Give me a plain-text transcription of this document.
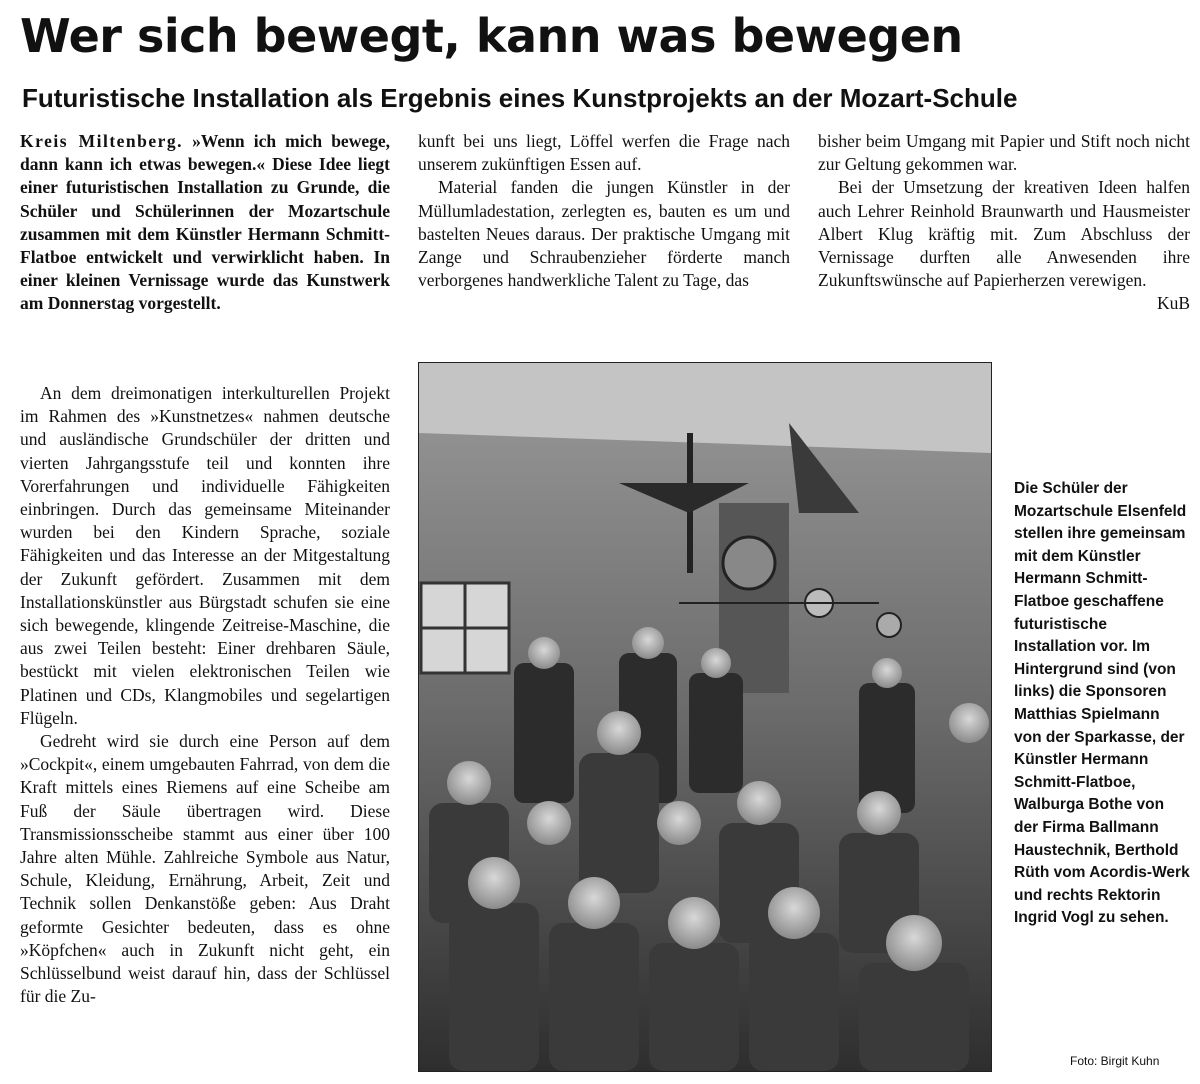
Wer sich bewegt, kann was bewegen
Futuristische Installation als Ergebnis eines Kunstprojekts an der Mozart-Schule

Kreis Miltenberg. »Wenn ich mich bewege, dann kann ich etwas bewegen.« Diese Idee liegt einer futuristischen Installation zu Grunde, die Schüler und Schülerinnen der Mozartschule zusammen mit dem Künstler Hermann Schmitt-Flatboe entwickelt und verwirklicht haben. In einer kleinen Vernissage wurde das Kunstwerk am Donnerstag vorgestellt.

An dem dreimonatigen interkulturellen Projekt im Rahmen des »Kunstnetzes« nahmen deutsche und ausländische Grundschüler der dritten und vierten Jahrgangsstufe teil und konnten ihre Vorerfahrungen und individuelle Fähigkeiten einbringen. Durch das gemeinsame Miteinander wurden bei den Kindern Sprache, soziale Fähigkeiten und das Interesse an der Mitgestaltung der Zukunft gefördert. Zusammen mit dem Installationskünstler aus Bürgstadt schufen sie eine sich bewegende, klingende Zeitreise-Maschine, die aus zwei Teilen besteht: Einer drehbaren Säule, bestückt mit vielen elektronischen Teilen wie Platinen und CDs, Klangmobiles und segelartigen Flügeln.

Gedreht wird sie durch eine Person auf dem »Cockpit«, einem umgebauten Fahrrad, von dem die Kraft mittels eines Riemens auf eine Scheibe am Fuß der Säule übertragen wird. Diese Transmissionsscheibe stammt aus einer über 100 Jahre alten Mühle. Zahlreiche Symbole aus Natur, Schule, Kleidung, Ernährung, Arbeit, Zeit und Technik sollen Denkanstöße geben: Aus Draht geformte Gesichter bedeuten, dass es ohne »Köpfchen« auch in Zukunft nicht geht, ein Schlüsselbund weist darauf hin, dass der Schlüssel für die Zu-

kunft bei uns liegt, Löffel werfen die Frage nach unserem zukünftigen Essen auf.

Material fanden die jungen Künstler in der Müllumladestation, zerlegten es, bauten es um und bastelten Neues daraus. Der praktische Umgang mit Zange und Schraubenzieher förderte manch verborgenes handwerkliche Talent zu Tage, das

bisher beim Umgang mit Papier und Stift noch nicht zur Geltung gekommen war.

Bei der Umsetzung der kreativen Ideen halfen auch Lehrer Reinhold Braunwarth und Hausmeister Albert Klug kräftig mit. Zum Abschluss der Vernissage durften alle Anwesenden ihre Zukunftswünsche auf Papierherzen verewigen.
KuB

Die Schüler der Mozartschule Elsenfeld stellen ihre gemeinsam mit dem Künstler Hermann Schmitt-Flatboe geschaffene futuristische Installation vor. Im Hintergrund sind (von links) die Sponsoren Matthias Spielmann von der Sparkasse, der Künstler Hermann Schmitt-Flatboe, Walburga Bothe von der Firma Ballmann Haustechnik, Berthold Rüth vom Acordis-Werk und rechts Rektorin Ingrid Vogl zu sehen.
Foto: Birgit Kuhn
